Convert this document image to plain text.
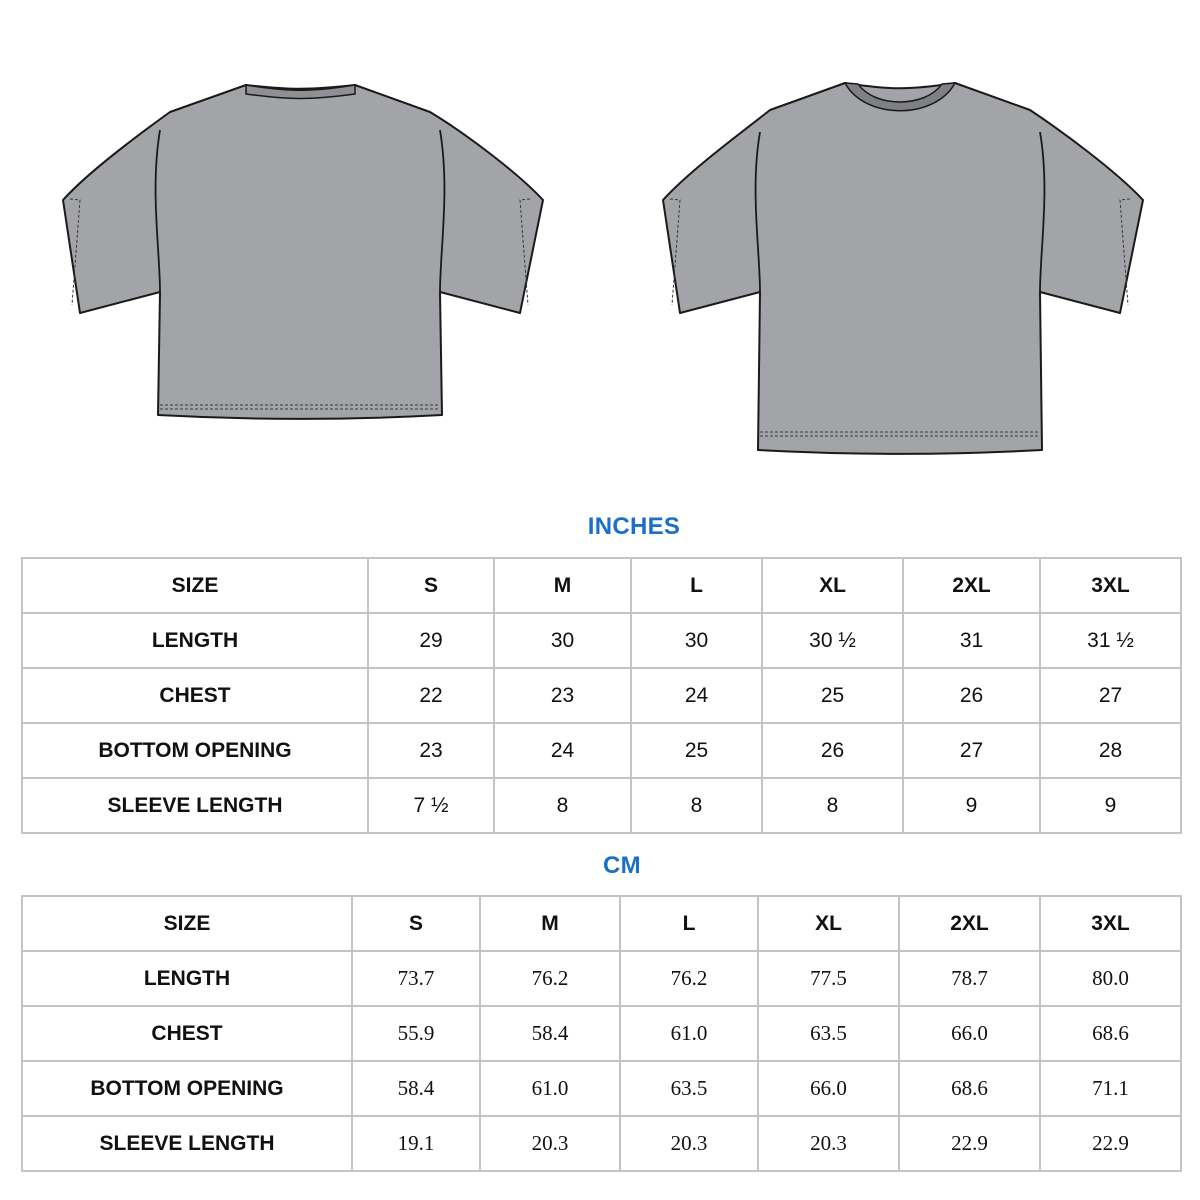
INCHES
SIZE	S	M	L	XL	2XL	3XL
LENGTH	29	30	30	30 ½	31	31 ½
CHEST	22	23	24	25	26	27
BOTTOM OPENING	23	24	25	26	27	28
SLEEVE LENGTH	7 ½	8	8	8	9	9
CM
SIZE	S	M	L	XL	2XL	3XL
LENGTH	73.7	76.2	76.2	77.5	78.7	80.0
CHEST	55.9	58.4	61.0	63.5	66.0	68.6
BOTTOM OPENING	58.4	61.0	63.5	66.0	68.6	71.1
SLEEVE LENGTH	19.1	20.3	20.3	20.3	22.9	22.9
